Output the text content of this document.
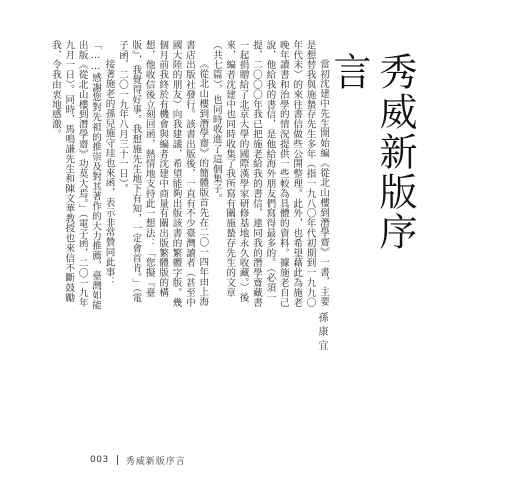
秀威新版序言

當初沈建中先生開始編《從北山樓到潛學齋》一書，主要是想替我與施蟄存先生多年（指一九八〇年代初期到一九九〇年代末）的來往書信做些公開整理。此外，也希望藉此為施老晚年讀書和治學的情況提供一些較為具體的資料。據施老自己說，他給我的書信，是他給海外朋友們寫得最多的。（必須一提，二〇〇〇年我已把施老給我的書信，連同我的潛學齋藏書一起捐贈給了北京大學的國際漢學家研修基地永久收藏。）後來，編者沈建中也同時收集了我所寫有關施蟄存先生的文章（共七篇），也同時收進了這個集子。

《從北山樓到潛學齋》的簡體版首先在二〇一四年由上海書店出版社發行。該書出版後，一直有不少臺灣讀者（甚至中國大陸的朋友）向我建議，希望能夠出版該書的繁體字版。幾個月前我終於有機會與編者沈建中商量有關出版繁體版的構想，他收信後立刻回函，熱情地支持此一想法：「您擬『臺版』，我覺得好事。我想施先生地下有知，一定會首肯。」（電子函，二〇一九年八月三十一日）。

接著施老的孫兒施守珪也來函，表示非常贊同此事：「……感謝您對先祖的推崇及對其著作的大力推薦，臺灣如能出版《從北山樓到潛學齋》功莫大焉。」（電子函，二〇一九年九月一日）。同時，馬鳴謙先生和陳文華教授也來信不斷鼓勵我，令我由衷地感激。

孫康宜
003 秀威新版序言
